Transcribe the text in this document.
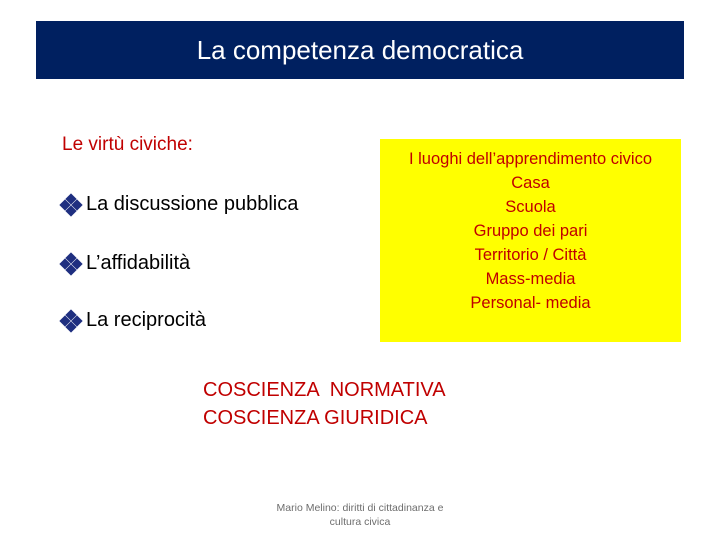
La competenza democratica
Le virtù civiche:
La discussione pubblica
L’affidabilità
La reciprocità
I luoghi dell’apprendimento civico
Casa
Scuola
Gruppo dei pari
Territorio / Città
Mass-media
Personal- media
COSCIENZA  NORMATIVA
COSCIENZA GIURIDICA
Mario Melino: diritti di cittadinanza e
cultura civica
